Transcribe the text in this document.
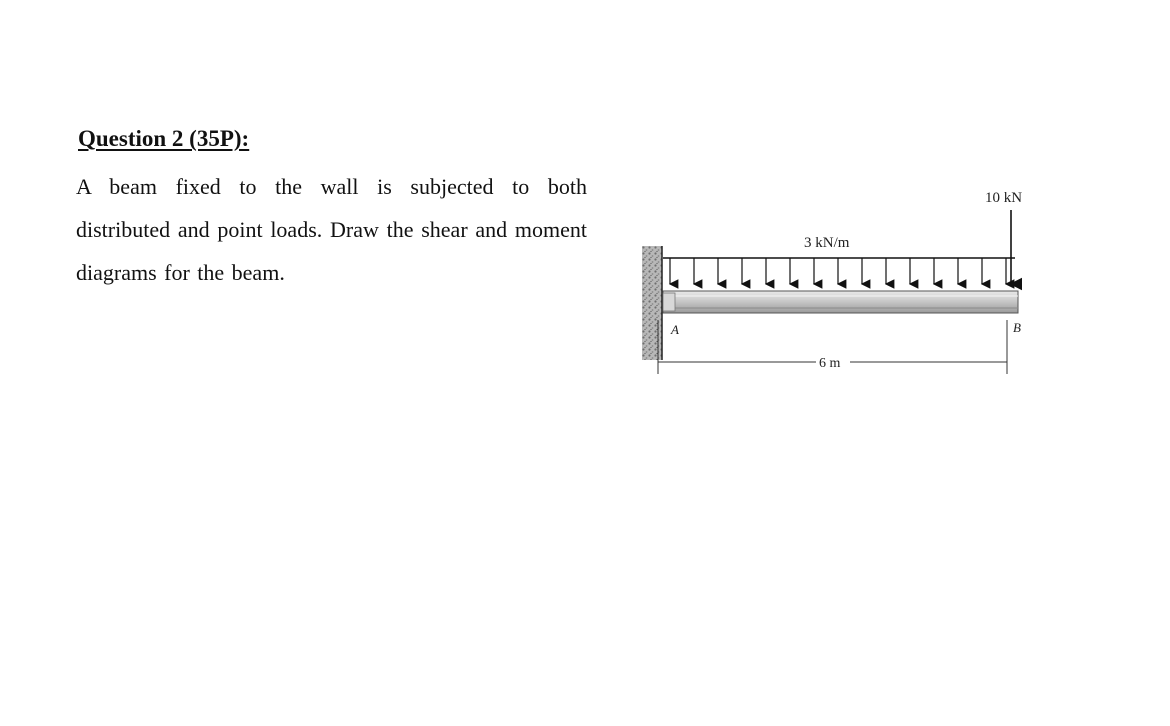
Question 2 (35P):

A beam fixed to the wall is subjected to both distributed and point loads. Draw the shear and moment diagrams for the beam.

10 kN
3 kN/m
A	B
6 m
